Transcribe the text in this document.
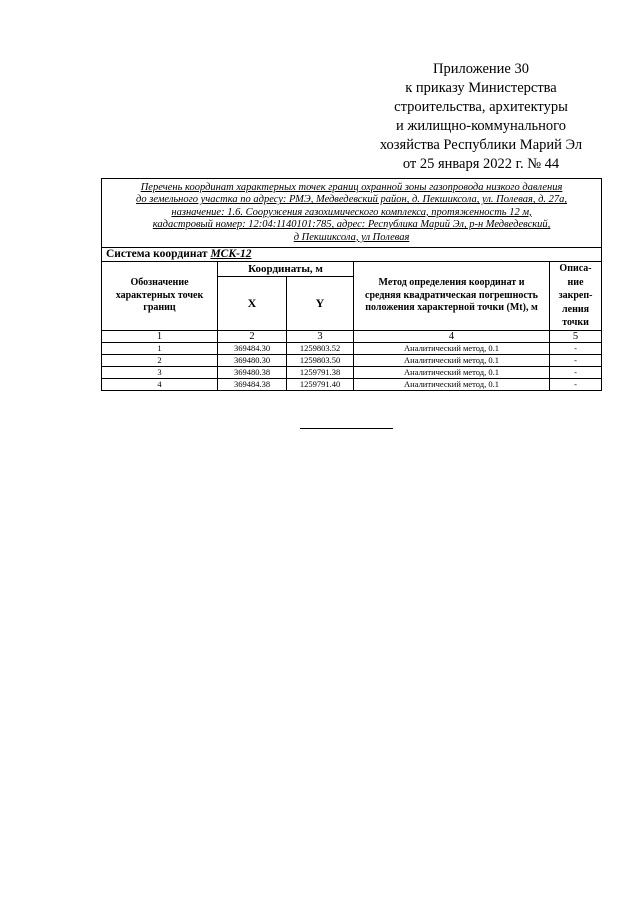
Приложение 30
к приказу Министерства
строительства, архитектуры
и жилищно-коммунального
хозяйства Республики Марий Эл
от 25 января 2022 г. № 44
Перечень координат характерных точек границ охранной зоны газопровода низкого давления
до земельного участка по адресу: РМЭ, Медведевский район, д. Пекшиксола, ул. Полевая, д. 27а,
назначение: 1.6. Сооружения газохимического комплекса, протяженность 12 м,
кадастровый номер: 12:04:1140101:785, адрес: Республика Марий Эл, р-н Медведевский,
д Пекшиксола, ул Полевая				

Система координат МСК-12				
Обозначение характерных точек границ	Координаты, м		Метод определения координат и средняя квадратическая погрешность положения характерной точки (Mt), м	Описа-
ние
закреп-
ления
точки

	X	Y		
1	2	3	4	5
1	369484.30	1259803.52	Аналитический метод, 0.1	-
2	369480.30	1259803.50	Аналитический метод, 0.1	-
3	369480.38	1259791.38	Аналитический метод, 0.1	-
4	369484.38	1259791.40	Аналитический метод, 0.1	-
